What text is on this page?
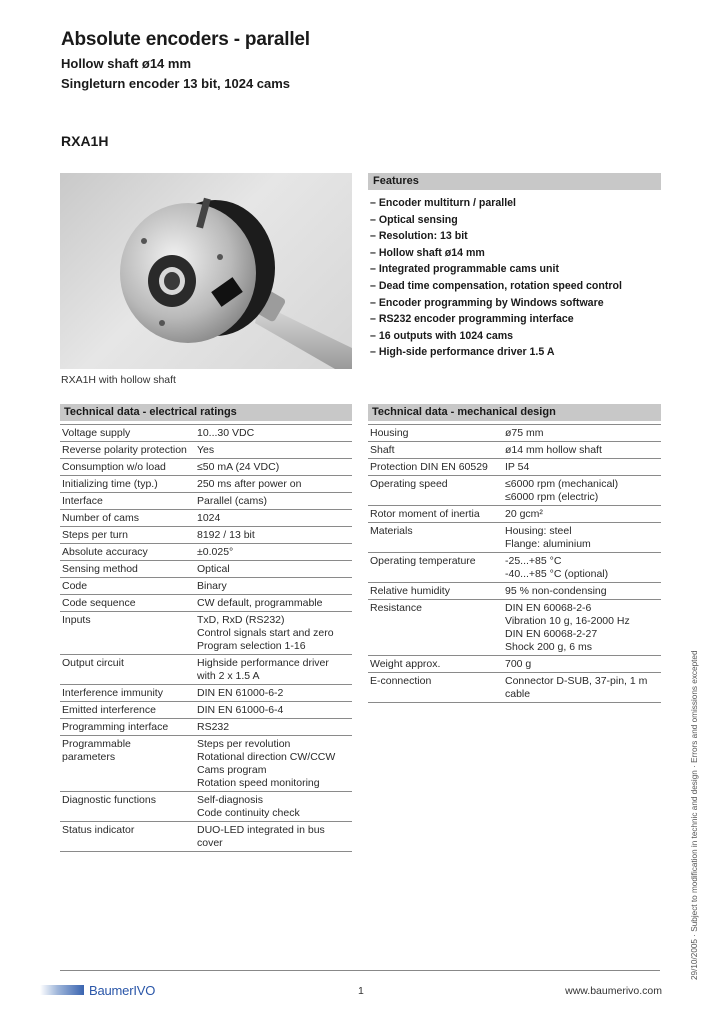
Absolute encoders - parallel
Hollow shaft ø14 mm
Singleturn encoder 13 bit, 1024 cams
RXA1H
RXA1H with hollow shaft
Features
– Encoder multiturn / parallel
– Optical sensing
– Resolution: 13 bit
– Hollow shaft ø14 mm
– Integrated programmable cams unit
– Dead time compensation, rotation speed control
– Encoder programming by Windows software
– RS232 encoder programming interface
– 16 outputs with 1024 cams
– High-side performance driver 1.5 A
Technical data - electrical ratings
Voltage supply	10...30 VDC
Reverse polarity protection	Yes
Consumption w/o load	≤50 mA (24 VDC)
Initializing time (typ.)	250 ms after power on
Interface	Parallel (cams)
Number of cams	1024
Steps per turn	8192 / 13 bit
Absolute accuracy	±0.025°
Sensing method	Optical
Code	Binary
Code sequence	CW default, programmable
Inputs	TxD, RxD (RS232)
Control signals start and zero
Program selection 1-16
Output circuit	Highside performance driver
with 2 x 1.5 A
Interference immunity	DIN EN 61000-6-2
Emitted interference	DIN EN 61000-6-4
Programming interface	RS232
Programmable
parameters	Steps per revolution
Rotational direction CW/CCW
Cams program
Rotation speed monitoring
Diagnostic functions	Self-diagnosis
Code continuity check
Status indicator	DUO-LED integrated in bus
cover
Technical data - mechanical design
Housing	ø75 mm
Shaft	ø14 mm hollow shaft
Protection DIN EN 60529	IP 54
Operating speed	≤6000 rpm (mechanical)
≤6000 rpm (electric)
Rotor moment of inertia	20 gcm²
Materials	Housing: steel
Flange: aluminium
Operating temperature	-25...+85 °C
-40...+85 °C (optional)
Relative humidity	95 % non-condensing
Resistance	DIN EN 60068-2-6
Vibration 10 g, 16-2000 Hz
DIN EN 60068-2-27
Shock 200 g, 6 ms
Weight approx.	700 g
E-connection	Connector D-SUB, 37-pin, 1 m
cable
BaumerIVO	1	www.baumerivo.com
29/10/2005 · Subject to modification in technic and design · Errors and omissions excepted
